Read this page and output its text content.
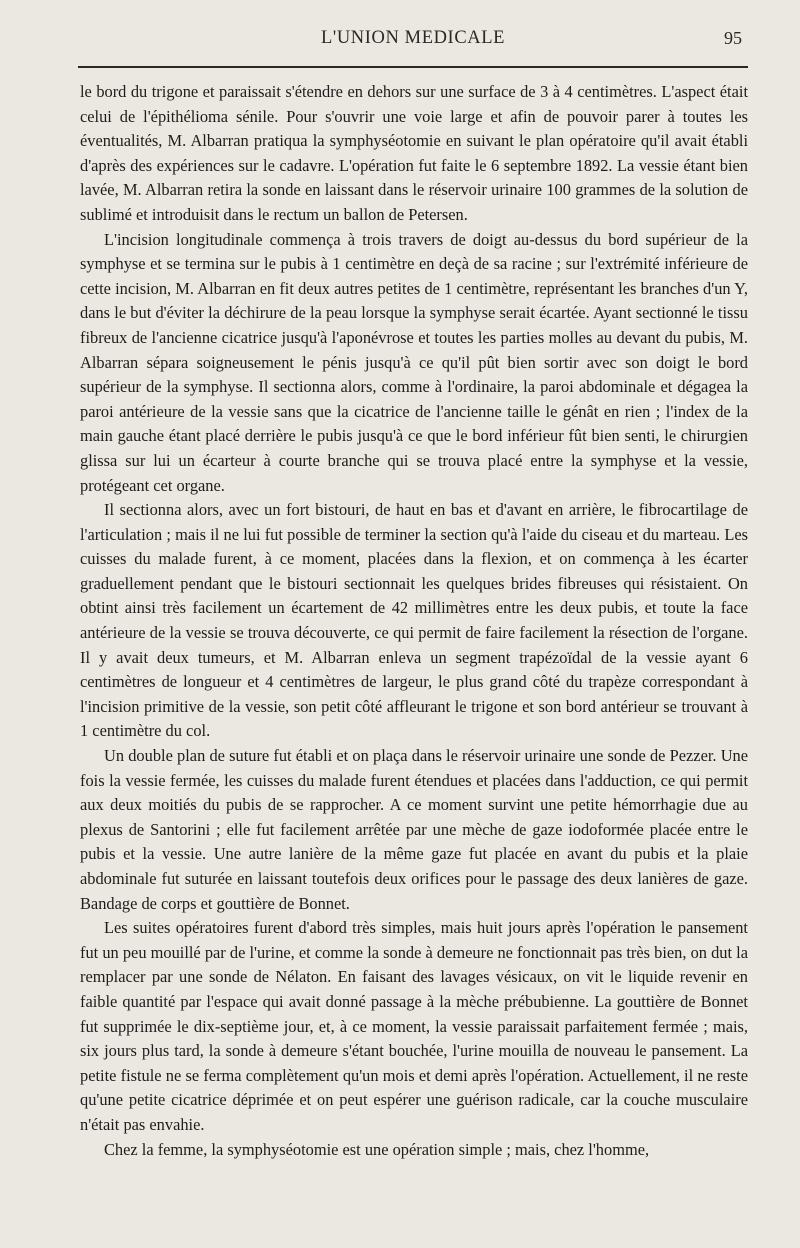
L'UNION MEDICALE	95

le bord du trigone et paraissait s'étendre en dehors sur une surface de 3 à 4 centimètres. L'aspect était celui de l'épithélioma sénile. Pour s'ouvrir une voie large et afin de pouvoir parer à toutes les éventualités, M. Albarran pratiqua la symphyséotomie en suivant le plan opératoire qu'il avait établi d'après des expériences sur le cadavre. L'opération fut faite le 6 septembre 1892. La vessie étant bien lavée, M. Albarran retira la sonde en laissant dans le réservoir urinaire 100 grammes de la solution de sublimé et introduisit dans le rectum un ballon de Petersen.

L'incision longitudinale commença à trois travers de doigt au-dessus du bord supérieur de la symphyse et se termina sur le pubis à 1 centimètre en deçà de sa racine ; sur l'extrémité inférieure de cette incision, M. Albarran en fit deux autres petites de 1 centimètre, représentant les branches d'un Y, dans le but d'éviter la déchirure de la peau lorsque la symphyse serait écartée. Ayant sectionné le tissu fibreux de l'ancienne cicatrice jusqu'à l'aponévrose et toutes les parties molles au devant du pubis, M. Albarran sépara soigneusement le pénis jusqu'à ce qu'il pût bien sortir avec son doigt le bord supérieur de la symphyse. Il sectionna alors, comme à l'ordinaire, la paroi abdominale et dégagea la paroi antérieure de la vessie sans que la cicatrice de l'ancienne taille le génât en rien ; l'index de la main gauche étant placé derrière le pubis jusqu'à ce que le bord inférieur fût bien senti, le chirurgien glissa sur lui un écarteur à courte branche qui se trouva placé entre la symphyse et la vessie, protégeant cet organe.

Il sectionna alors, avec un fort bistouri, de haut en bas et d'avant en arrière, le fibrocartilage de l'articulation ; mais il ne lui fut possible de terminer la section qu'à l'aide du ciseau et du marteau. Les cuisses du malade furent, à ce moment, placées dans la flexion, et on commença à les écarter graduellement pendant que le bistouri sectionnait les quelques brides fibreuses qui résistaient. On obtint ainsi très facilement un écartement de 42 millimètres entre les deux pubis, et toute la face antérieure de la vessie se trouva découverte, ce qui permit de faire facilement la résection de l'organe. Il y avait deux tumeurs, et M. Albarran enleva un segment trapézoïdal de la vessie ayant 6 centimètres de longueur et 4 centimètres de largeur, le plus grand côté du trapèze correspondant à l'incision primitive de la vessie, son petit côté affleurant le trigone et son bord antérieur se trouvant à 1 centimètre du col.

Un double plan de suture fut établi et on plaça dans le réservoir urinaire une sonde de Pezzer. Une fois la vessie fermée, les cuisses du malade furent étendues et placées dans l'adduction, ce qui permit aux deux moitiés du pubis de se rapprocher. A ce moment survint une petite hémorrhagie due au plexus de Santorini ; elle fut facilement arrêtée par une mèche de gaze iodoformée placée entre le pubis et la vessie. Une autre lanière de la même gaze fut placée en avant du pubis et la plaie abdominale fut suturée en laissant toutefois deux orifices pour le passage des deux lanières de gaze. Bandage de corps et gouttière de Bonnet.

Les suites opératoires furent d'abord très simples, mais huit jours après l'opération le pansement fut un peu mouillé par de l'urine, et comme la sonde à demeure ne fonctionnait pas très bien, on dut la remplacer par une sonde de Nélaton. En faisant des lavages vésicaux, on vit le liquide revenir en faible quantité par l'espace qui avait donné passage à la mèche prébubienne. La gouttière de Bonnet fut supprimée le dix-septième jour, et, à ce moment, la vessie paraissait parfaitement fermée ; mais, six jours plus tard, la sonde à demeure s'étant bouchée, l'urine mouilla de nouveau le pansement. La petite fistule ne se ferma complètement qu'un mois et demi après l'opération. Actuellement, il ne reste qu'une petite cicatrice déprimée et on peut espérer une guérison radicale, car la couche musculaire n'était pas envahie.

Chez la femme, la symphyséotomie est une opération simple ; mais, chez l'homme,
